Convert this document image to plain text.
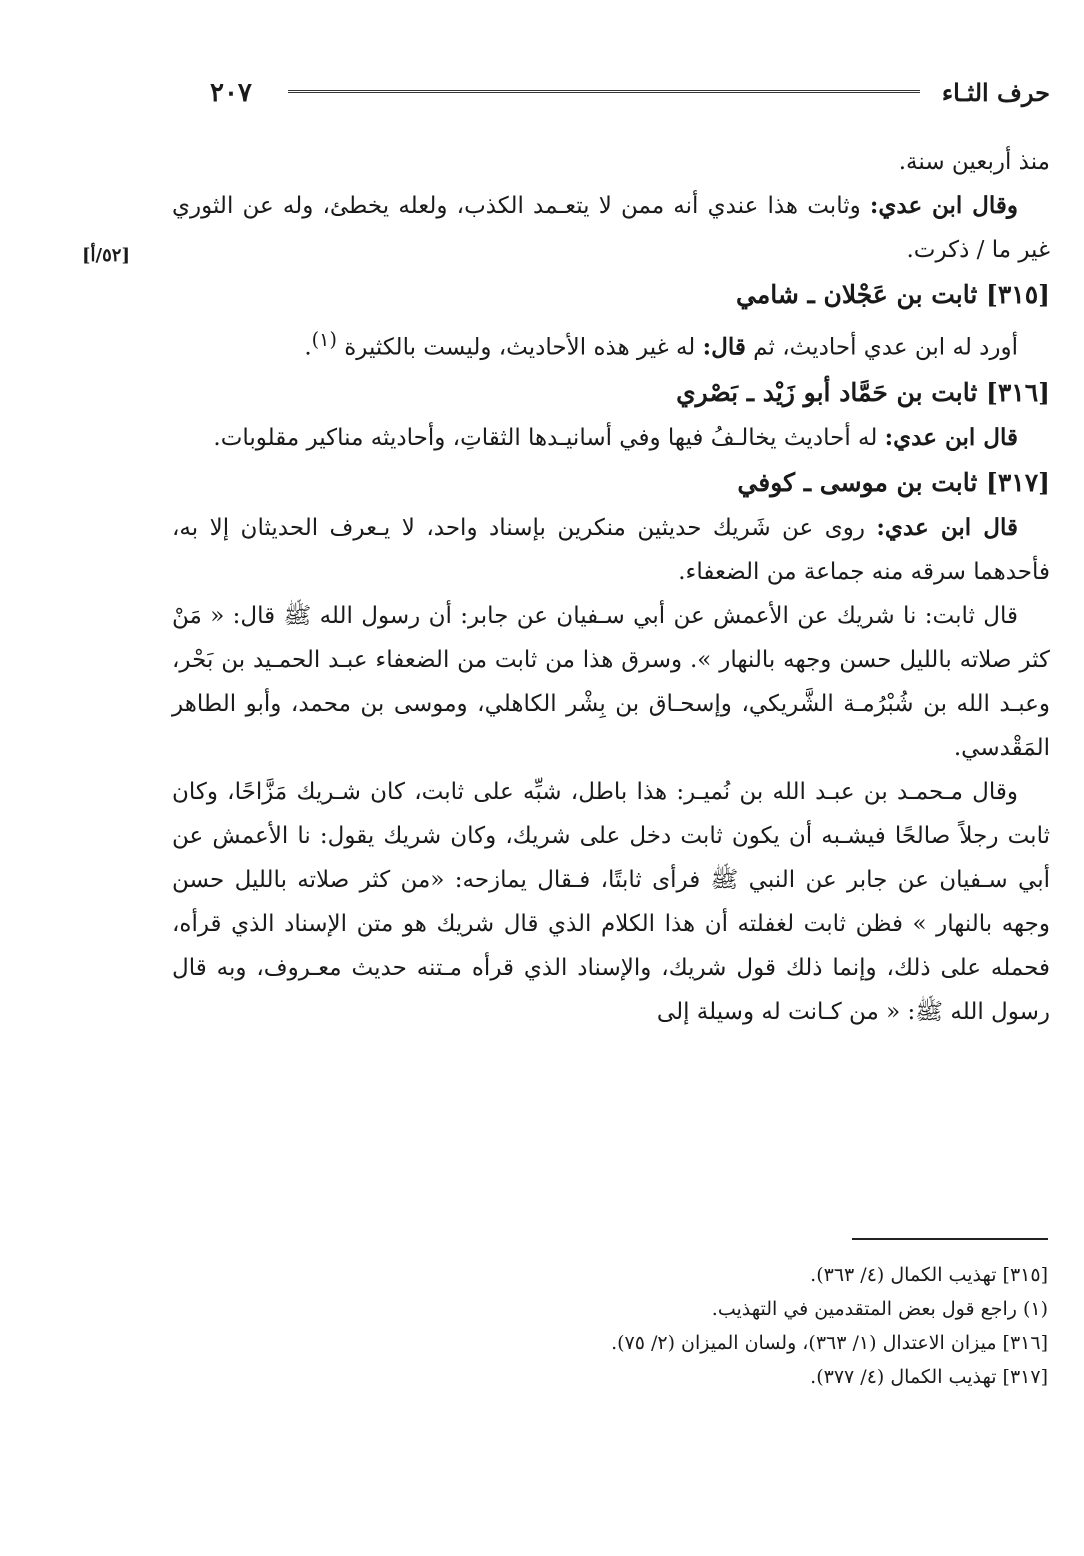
٢٠٧	حرف الثـاء
[٥٢/أ]

منذ أربعين سنة.

وقال ابن عدي: وثابت هذا عندي أنه ممن لا يتعـمد الكذب، ولعله يخطئ، وله عن الثوري غير ما / ذكرت.

[٣١٥] ثابت بن عَجْلان ـ شامي

أورد له ابن عدي أحاديث، ثم قال: له غير هذه الأحاديث، وليست بالكثيرة $^{(١)}$.

[٣١٦] ثابت بن حَمَّاد أبو زَيْد ـ بَصْري

قال ابن عدي: له أحاديث يخالـفُ فيها وفي أسانيـدها الثقاتِ، وأحاديثه مناكير مقلوبات.

[٣١٧] ثابت بن موسى ـ كوفي

قال ابن عدي: روى عن شَريك حديثين منكرين بإسناد واحد، لا يـعرف الحديثان إلا به، فأحدهما سرقه منه جماعة من الضعفاء.

قال ثابت: نا شريك عن الأعمش عن أبي سـفيان عن جابر: أن رسول الله ﷺ قال: « مَنْ كثر صلاته بالليل حسن وجهه بالنهار ». وسرق هذا من ثابت من الضعفاء عبـد الحمـيد بن بَحْر، وعبـد الله بن شُبْرُمـة الشَّريكي، وإسحـاق بن بِشْر الكاهلي، وموسى بن محمد، وأبو الطاهر المَقْدسي.

وقال مـحمـد بن عبـد الله بن نُميـر: هذا باطل، شبِّه على ثابت، كان شـريك مَزَّاحًا، وكان ثابت رجلاً صالحًا فيشـبه أن يكون ثابت دخل على شريك، وكان شريك يقول: نا الأعمش عن أبي سـفيان عن جابر عن النبي ﷺ فرأى ثابتًا، فـقال يمازحه: «من كثر صلاته بالليل حسن وجهه بالنهار » فظن ثابت لغفلته أن هذا الكلام الذي قال شريك هو متن الإسناد الذي قرأه، فحمله على ذلك، وإنما ذلك قول شريك، والإسناد الذي قرأه مـتنه حديث معـروف، وبه قال رسول الله ﷺ: « من كـانت له وسيلة إلى

[٣١٥] تهذيب الكمال (٤/ ٣٦٣).

(١) راجع قول بعض المتقدمين في التهذيب.

[٣١٦] ميزان الاعتدال (١/ ٣٦٣)، ولسان الميزان (٢/ ٧٥).

[٣١٧] تهذيب الكمال (٤/ ٣٧٧).
